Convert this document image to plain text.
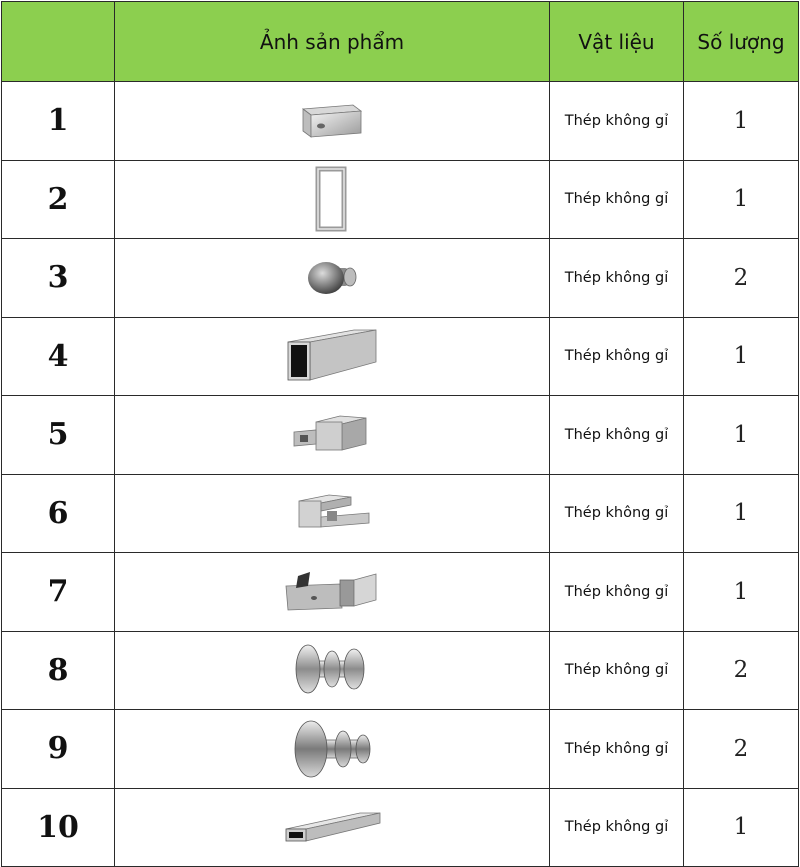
	Ảnh sản phẩm	Vật liệu	Số lượng
1		Thép không gỉ	1
2		Thép không gỉ	1
3		Thép không gỉ	2
4		Thép không gỉ	1
5		Thép không gỉ	1
6		Thép không gỉ	1
7		Thép không gỉ	1
8		Thép không gỉ	2
9		Thép không gỉ	2
10		Thép không gỉ	1
